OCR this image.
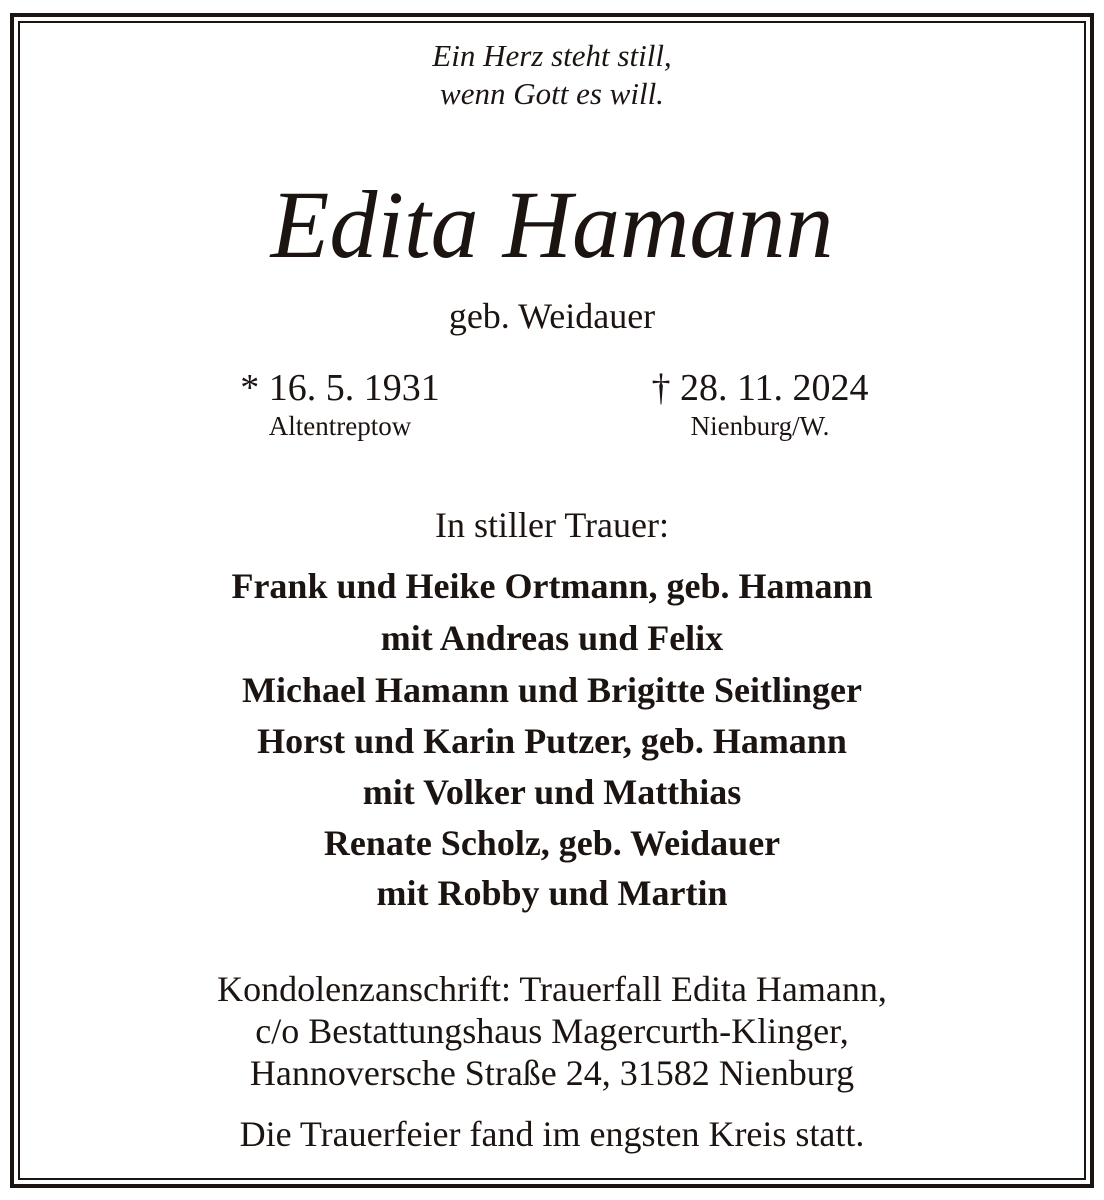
Ein Herz steht still,
wenn Gott es will.
Edita Hamann
geb. Weidauer
* 16. 5. 1931
Altentreptow
† 28. 11. 2024
Nienburg/W.
In stiller Trauer:
Frank und Heike Ortmann, geb. Hamann
mit Andreas und Felix
Michael Hamann und Brigitte Seitlinger
Horst und Karin Putzer, geb. Hamann
mit Volker und Matthias
Renate Scholz, geb. Weidauer
mit Robby und Martin
Kondolenzanschrift: Trauerfall Edita Hamann,
c/o Bestattungshaus Magercurth-Klinger,
Hannoversche Straße 24, 31582 Nienburg
Die Trauerfeier fand im engsten Kreis statt.
